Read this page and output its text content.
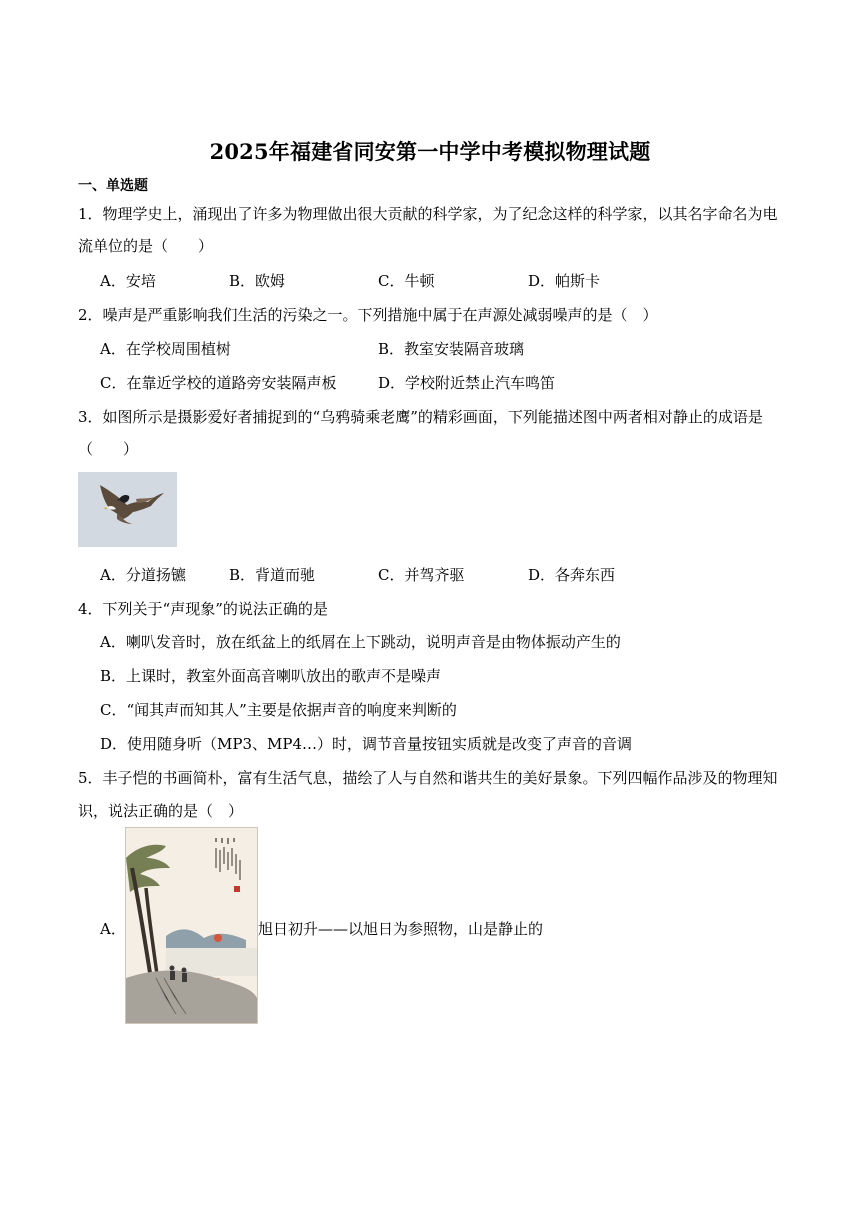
2025年福建省同安第一中学中考模拟物理试题
一、单选题
1．物理学史上，涌现出了许多为物理做出很大贡献的科学家，为了纪念这样的科学家，以其名字命名为电
流单位的是（　　）
A．安培	B．欧姆	C．牛顿	D．帕斯卡
2．噪声是严重影响我们生活的污染之一。下列措施中属于在声源处减弱噪声的是（　）
A．在学校周围植树	B．教室安装隔音玻璃
C．在靠近学校的道路旁安装隔声板	D．学校附近禁止汽车鸣笛
3．如图所示是摄影爱好者捕捉到的“乌鸦骑乘老鹰”的精彩画面，下列能描述图中两者相对静止的成语是
（　　）
A．分道扬镳	B．背道而驰	C．并驾齐驱	D．各奔东西
4．下列关于“声现象”的说法正确的是
A．喇叭发音时，放在纸盆上的纸屑在上下跳动，说明声音是由物体振动产生的
B．上课时，教室外面高音喇叭放出的歌声不是噪声
C．“闻其声而知其人”主要是依据声音的响度来判断的
D．使用随身听（MP3、MP4…）时，调节音量按钮实质就是改变了声音的音调
5．丰子恺的书画简朴，富有生活气息，描绘了人与自然和谐共生的美好景象。下列四幅作品涉及的物理知
识，说法正确的是（　）
A．	旭日初升——以旭日为参照物，山是静止的
